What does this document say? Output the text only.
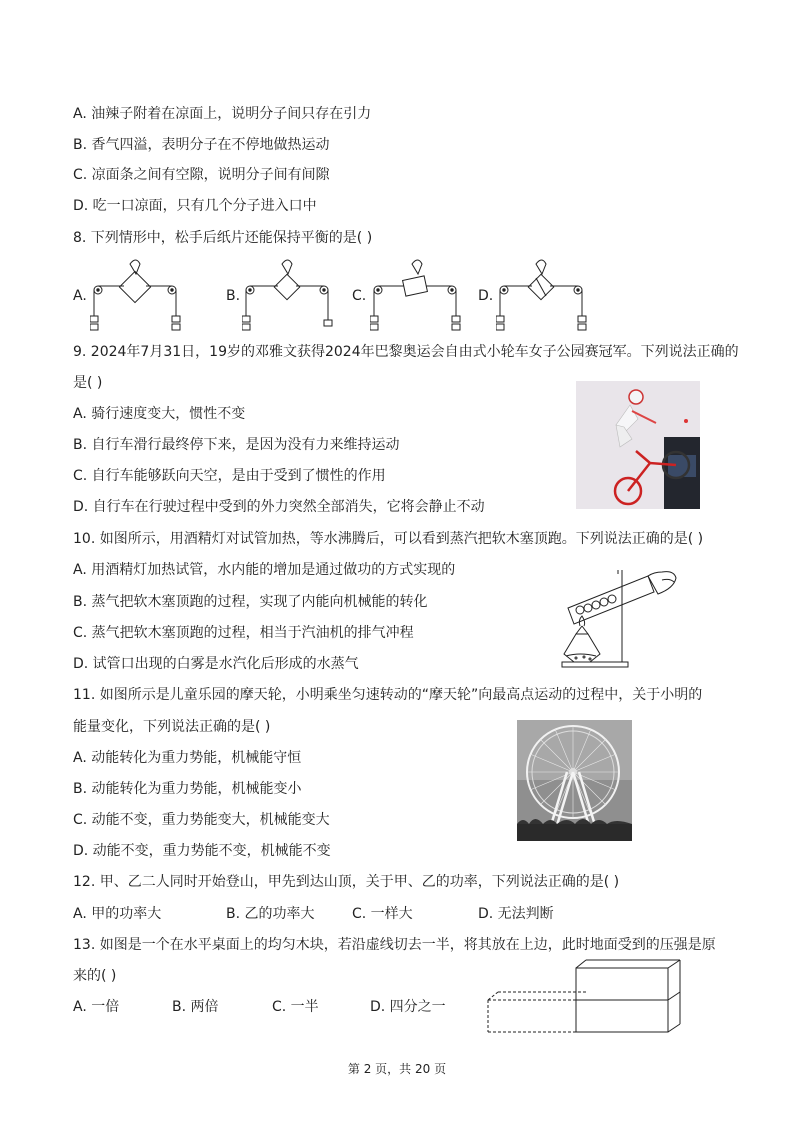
A. 油辣子附着在凉面上，说明分子间只存在引力
B. 香气四溢，表明分子在不停地做热运动
C. 凉面条之间有空隙，说明分子间有间隙
D. 吃一口凉面，只有几个分子进入口中
8. 下列情形中，松手后纸片还能保持平衡的是( )
A.	B.	C.	D.
9. 2024年7月31日，19岁的邓雅文获得2024年巴黎奥运会自由式小轮车女子公园赛冠军。下列说法正确的
是( )
A. 骑行速度变大，惯性不变
B. 自行车滑行最终停下来，是因为没有力来维持运动
C. 自行车能够跃向天空，是由于受到了惯性的作用
D. 自行车在行驶过程中受到的外力突然全部消失，它将会静止不动
10. 如图所示，用酒精灯对试管加热，等水沸腾后，可以看到蒸汽把软木塞顶跑。下列说法正确的是( )
A. 用酒精灯加热试管，水内能的增加是通过做功的方式实现的
B. 蒸气把软木塞顶跑的过程，实现了内能向机械能的转化
C. 蒸气把软木塞顶跑的过程，相当于汽油机的排气冲程
D. 试管口出现的白雾是水汽化后形成的水蒸气
11. 如图所示是儿童乐园的摩天轮，小明乘坐匀速转动的“摩天轮”向最高点运动的过程中，关于小明的
能量变化，下列说法正确的是( )
A. 动能转化为重力势能，机械能守恒
B. 动能转化为重力势能，机械能变小
C. 动能不变，重力势能变大，机械能变大
D. 动能不变，重力势能不变，机械能不变
12. 甲、乙二人同时开始登山，甲先到达山顶，关于甲、乙的功率，下列说法正确的是( )
A. 甲的功率大	B. 乙的功率大	C. 一样大	D. 无法判断
13. 如图是一个在水平桌面上的均匀木块，若沿虚线切去一半，将其放在上边，此时地面受到的压强是原
来的( )
A. 一倍	B. 两倍	C. 一半	D. 四分之一
第 2 页，共 20 页
